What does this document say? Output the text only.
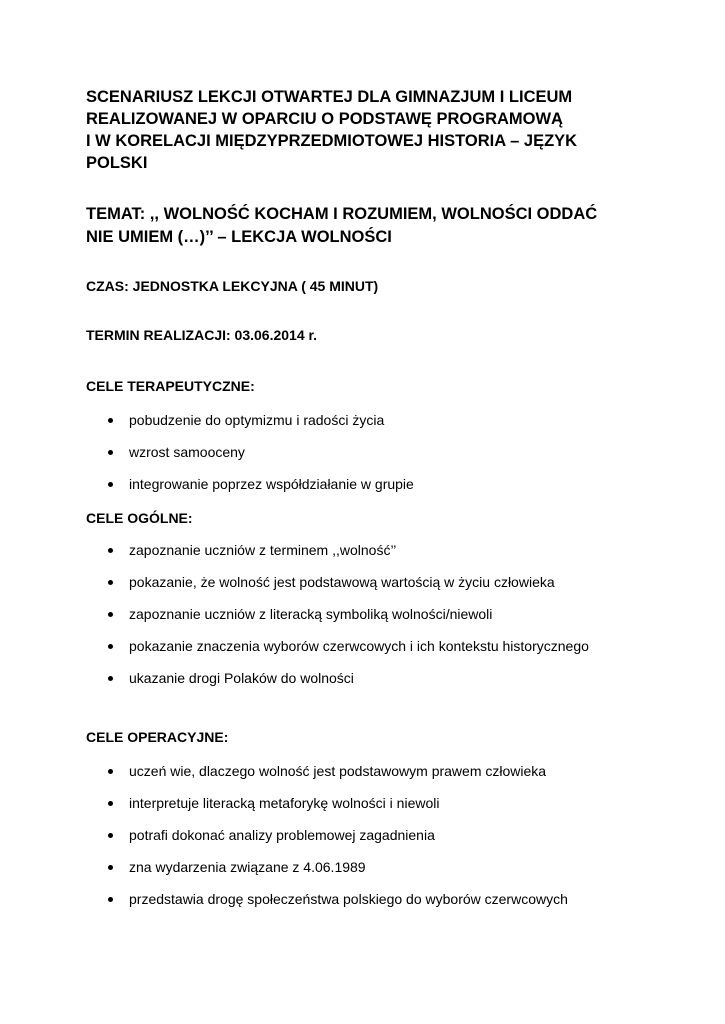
SCENARIUSZ LEKCJI OTWARTEJ DLA GIMNAZJUM I LICEUM
REALIZOWANEJ W OPARCIU O PODSTAWĘ PROGRAMOWĄ
I W KORELACJI MIĘDZYPRZEDMIOTOWEJ HISTORIA – JĘZYK
POLSKI
TEMAT: ,, WOLNOŚĆ KOCHAM I ROZUMIEM, WOLNOŚCI ODDAĆ
NIE UMIEM (…)’’ – LEKCJA WOLNOŚCI

CZAS: JEDNOSTKA LEKCYJNA ( 45 MINUT)

TERMIN REALIZACJI: 03.06.2014 r.

CELE TERAPEUTYCZNE:

pobudzenie do optymizmu i radości życia
wzrost samooceny
integrowanie poprzez współdziałanie w grupie

CELE OGÓLNE:

zapoznanie uczniów z terminem ,,wolność’’
pokazanie, że wolność jest podstawową wartością w życiu człowieka
zapoznanie uczniów z literacką symboliką wolności/niewoli
pokazanie znaczenia wyborów czerwcowych i ich kontekstu historycznego
ukazanie drogi Polaków do wolności

CELE OPERACYJNE:

uczeń wie, dlaczego wolność jest podstawowym prawem człowieka
interpretuje literacką metaforykę wolności i niewoli
potrafi dokonać analizy problemowej zagadnienia
zna wydarzenia związane z 4.06.1989
przedstawia drogę społeczeństwa polskiego do wyborów czerwcowych
